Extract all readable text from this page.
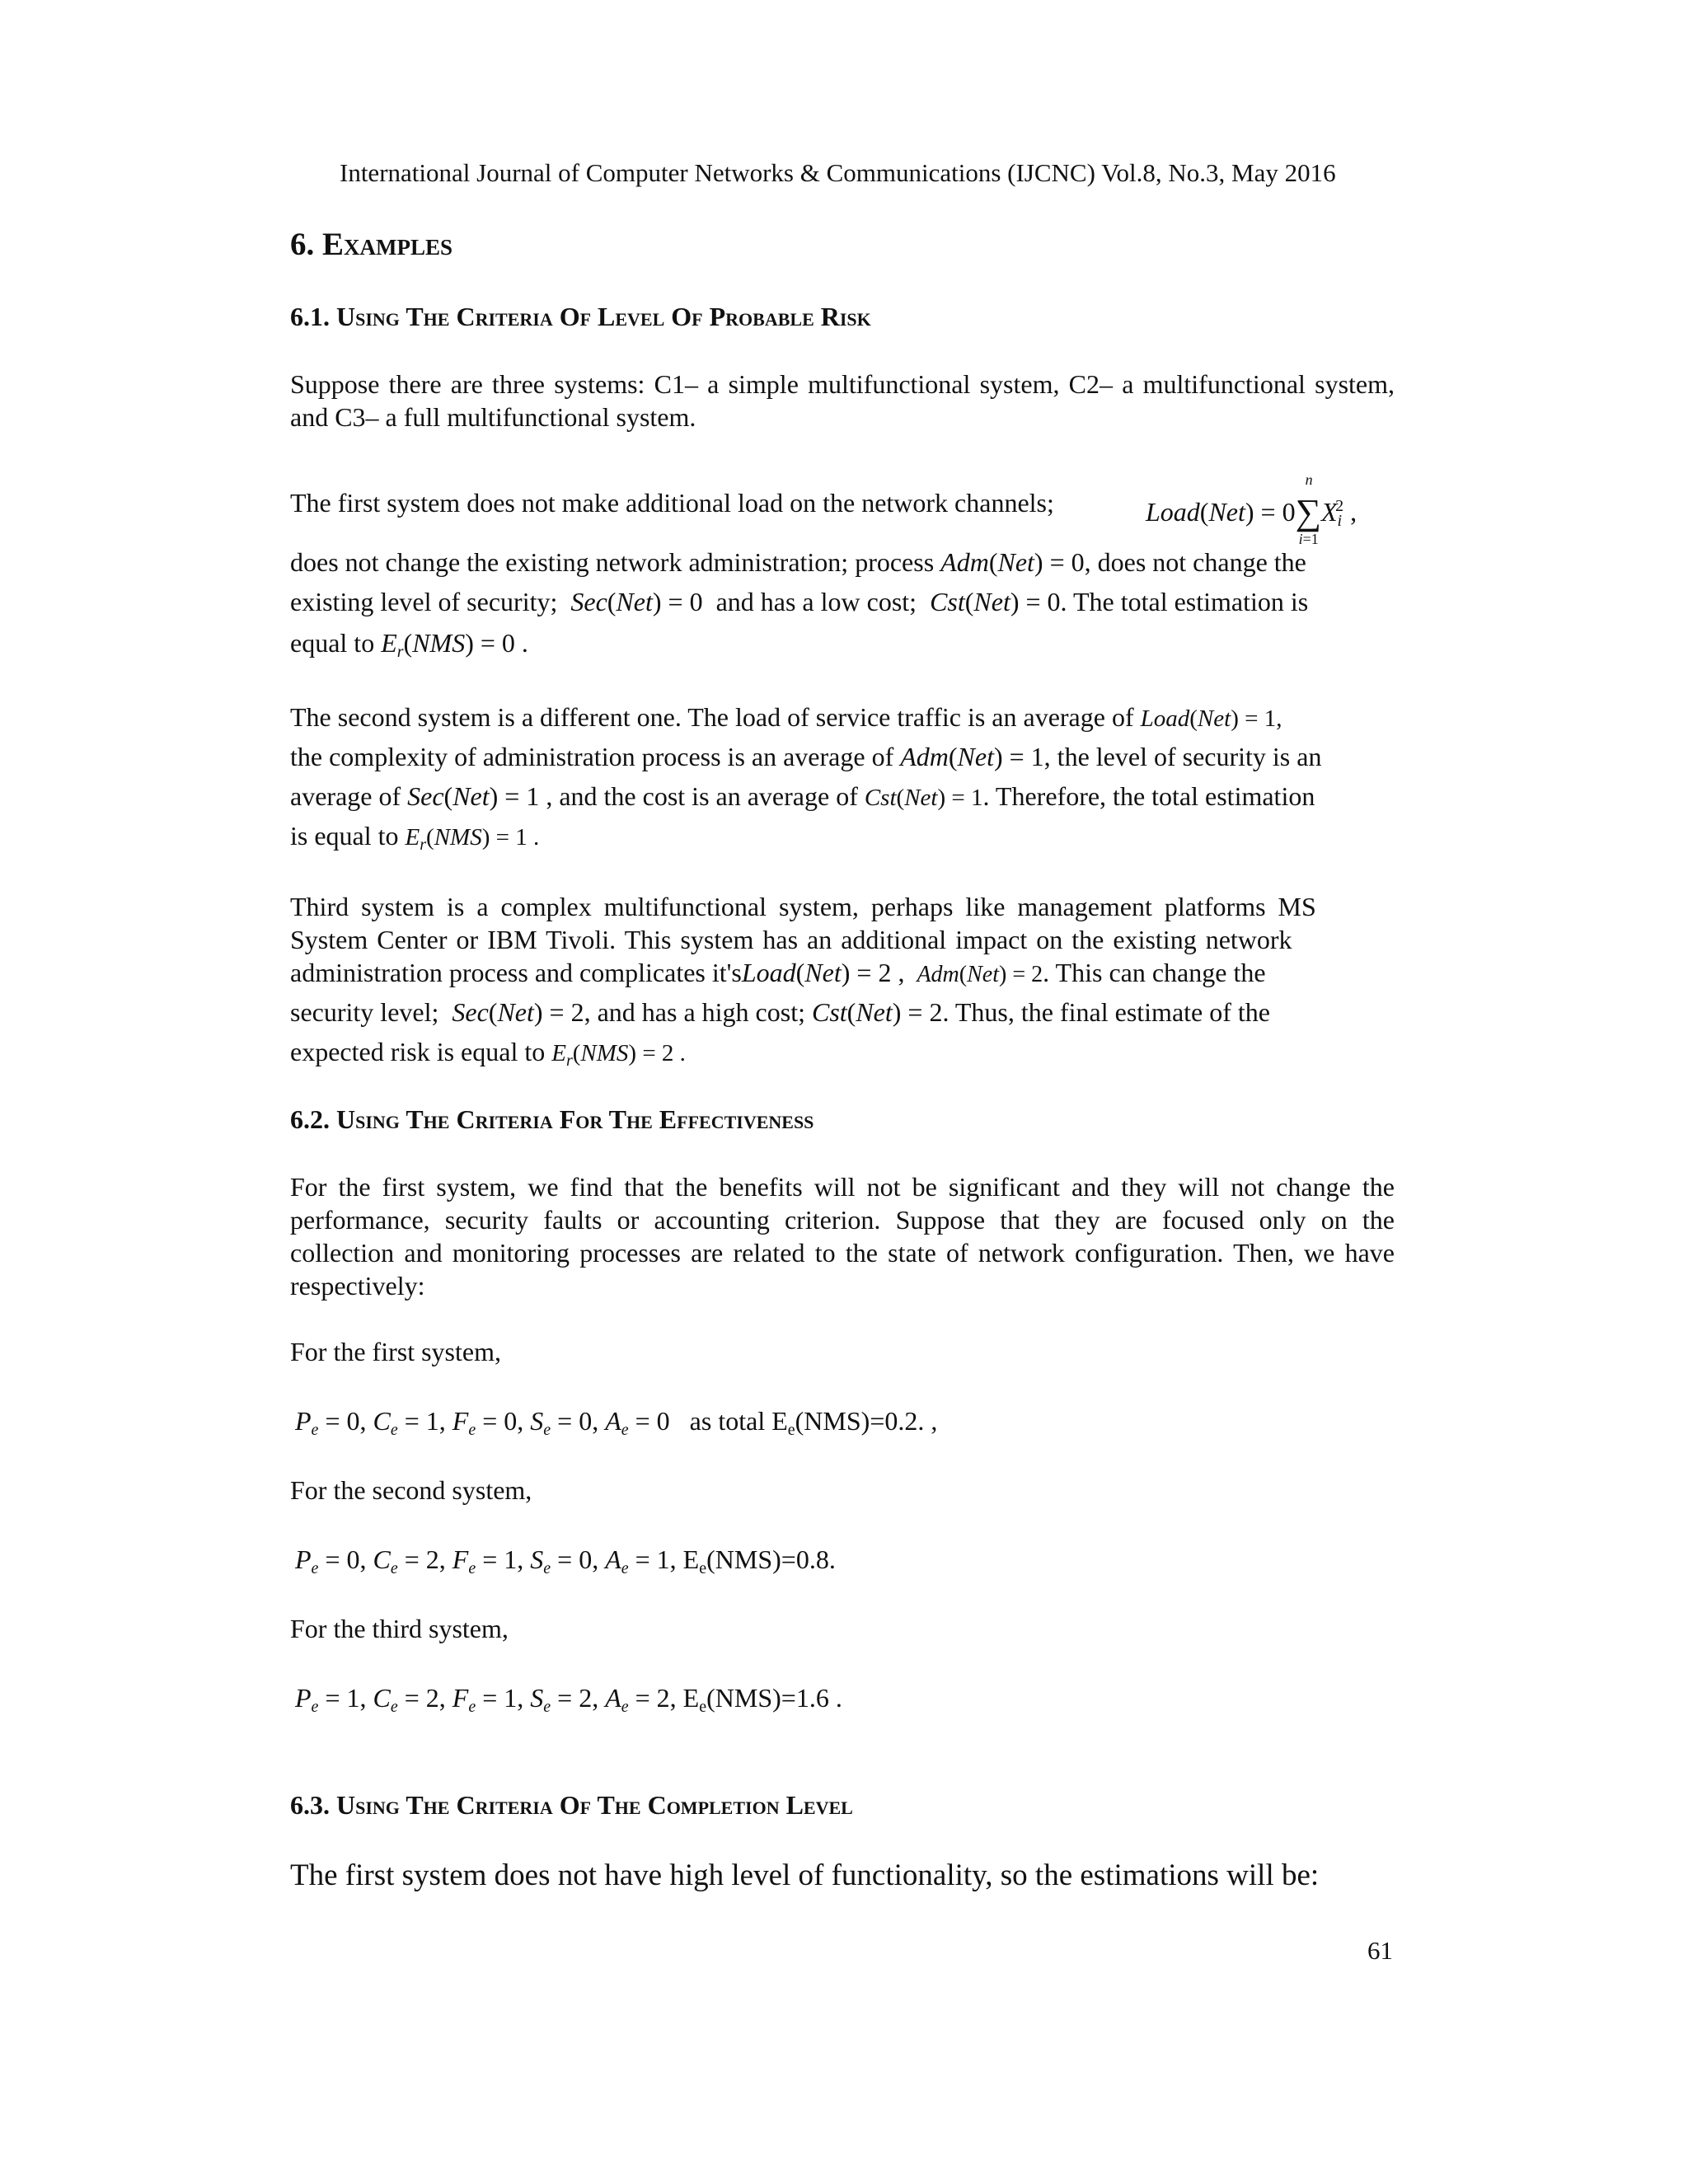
International Journal of Computer Networks & Communications (IJCNC) Vol.8, No.3, May 2016
6. Examples
6.1. Using The Criteria Of Level Of Probable Risk
Suppose there are three systems: C1– a simple multifunctional system, C2– a multifunctional system, and C3– a full multifunctional system.
The first system does not make additional load on the network channels;	Load(Net) = 0∑
n
i=1
$X_i^2$ ,
does not change the existing network administration; process Adm(Net) = 0, does not change the
existing level of security; Sec(Net) = 0  and has a low cost; Cst(Net) = 0. The total estimation is
equal to $E_r(NMS) = 0$ .
The second system is a different one. The load of service traffic is an average of Load(Net) = 1,
the complexity of administration process is an average of Adm(Net) = 1, the level of security is an
average of Sec(Net) = 1 , and the cost is an average of Cst(Net) = 1. Therefore, the total estimation
is equal to $E_r(NMS) = 1$ .
Third system is a complex multifunctional system, perhaps like management platforms MS
System Center or IBM Tivoli. This system has an additional impact on the existing network
administration process and complicates it'sLoad(Net) = 2 , Adm(Net) = 2. This can change the
security level; Sec(Net) = 2, and has a high cost; Cst(Net) = 2. Thus, the final estimate of the
expected risk is equal to $E_r(NMS) = 2$ .
6.2. Using The Criteria For The Effectiveness
For the first system, we find that the benefits will not be significant and they will not change the performance, security faults or accounting criterion. Suppose that they are focused only on the collection and monitoring processes are related to the state of network configuration. Then, we have respectively:
For the first system,
$P_e = 0$, $C_e = 1$, $F_e = 0$, $S_e = 0$, $A_e = 0$   as total $E_e(NMS)=0.2$. ,
For the second system,
$P_e = 0$, $C_e = 2$, $F_e = 1$, $S_e = 0$, $A_e = 1$, $E_e(NMS)=0.8$.
For the third system,
$P_e = 1$, $C_e = 2$, $F_e = 1$, $S_e = 2$, $A_e = 2$, $E_e(NMS)=1.6$ .
6.3. Using The Criteria Of The Completion Level
The first system does not have high level of functionality, so the estimations will be:
61
